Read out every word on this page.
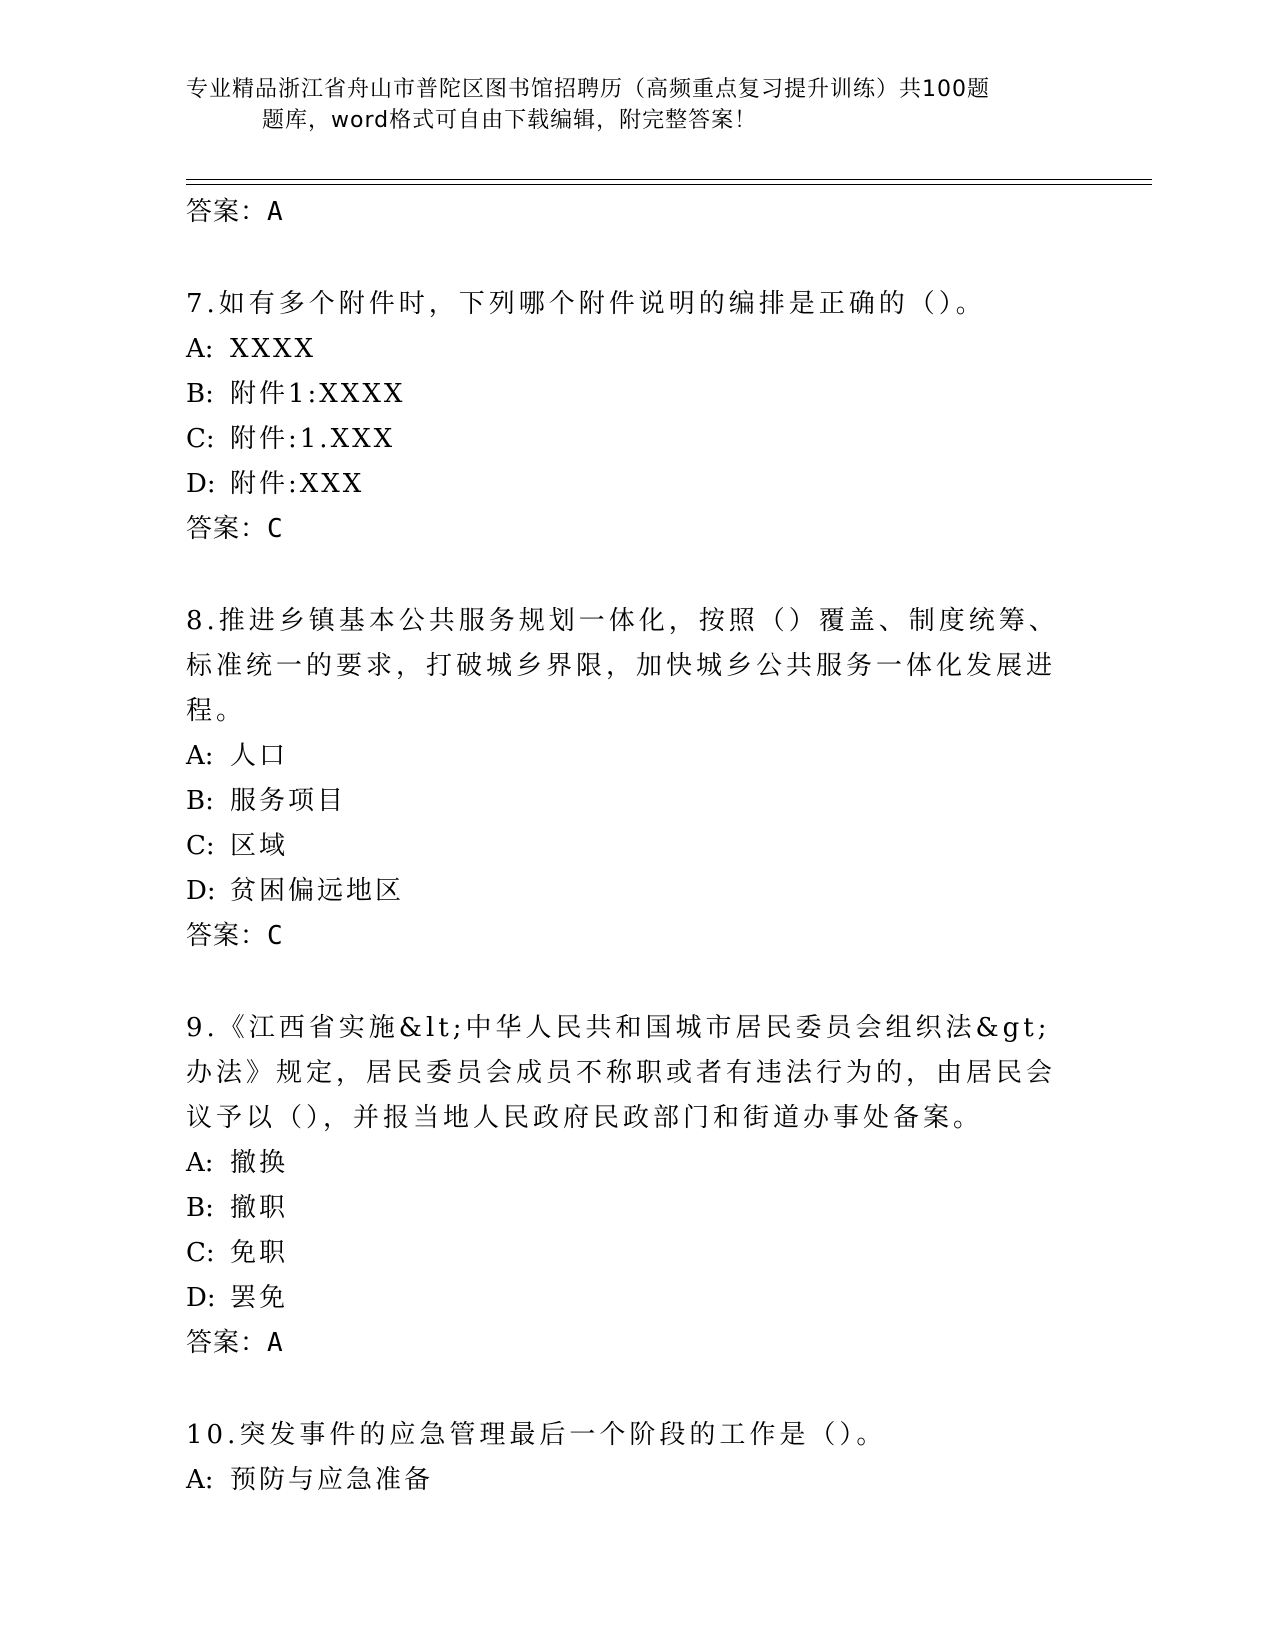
专业精品浙江省舟山市普陀区图书馆招聘历（高频重点复习提升训练）共100题
题库，word格式可自由下载编辑，附完整答案！
答案：A
7.如有多个附件时，下列哪个附件说明的编排是正确的（）。
A: XXXX
B: 附件1:XXXX
C: 附件:1.XXX
D: 附件:XXX
答案：C
8.推进乡镇基本公共服务规划一体化，按照（）覆盖、制度统筹、标准统一的要求，打破城乡界限，加快城乡公共服务一体化发展进程。
A: 人口
B: 服务项目
C: 区域
D: 贫困偏远地区
答案：C
9.《江西省实施&lt;中华人民共和国城市居民委员会组织法&gt;办法》规定，居民委员会成员不称职或者有违法行为的，由居民会议予以（），并报当地人民政府民政部门和街道办事处备案。
A: 撤换
B: 撤职
C: 免职
D: 罢免
答案：A
10.突发事件的应急管理最后一个阶段的工作是（）。
A: 预防与应急准备
